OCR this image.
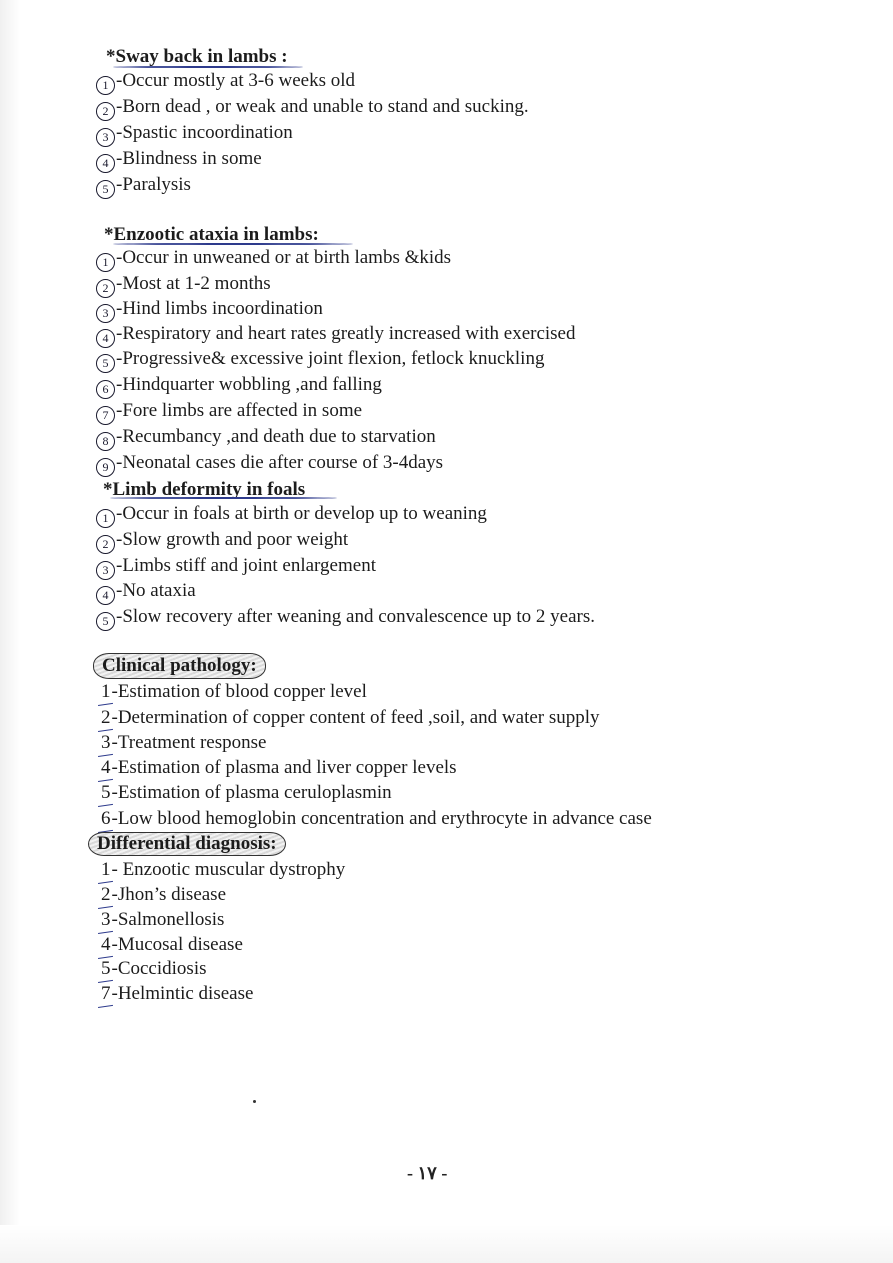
*Sway back in lambs :
1 -Occur mostly at 3-6 weeks old
2 -Born dead , or weak and unable to stand and sucking.
3 -Spastic incoordination
4 -Blindness in some
5 -Paralysis
*Enzootic ataxia in lambs:
1 -Occur in unweaned or at birth lambs &kids
2 -Most at 1-2 months
3 -Hind limbs incoordination
4 -Respiratory and heart rates greatly increased with exercised
5 -Progressive& excessive joint flexion, fetlock knuckling
6 -Hindquarter wobbling ,and falling
7 -Fore limbs are affected in some
8 -Recumbancy ,and death due to starvation
9 -Neonatal cases die after course of 3-4days
*Limb deformity in foals
1 -Occur in foals at birth or develop up to weaning
2 -Slow growth and poor weight
3 -Limbs stiff and joint enlargement
4 -No ataxia
5 -Slow recovery after weaning and convalescence up to 2 years.
Clinical pathology:
1-Estimation of blood copper level
2-Determination of copper content of feed ,soil, and water supply
3-Treatment response
4-Estimation of plasma and liver copper levels
5-Estimation of plasma ceruloplasmin
6-Low blood hemoglobin concentration and erythrocyte in advance case
Differential diagnosis:
1- Enzootic muscular dystrophy
2-Jhon’s disease
3-Salmonellosis
4-Mucosal disease
5-Coccidiosis
7-Helmintic disease
- ١٧ -
